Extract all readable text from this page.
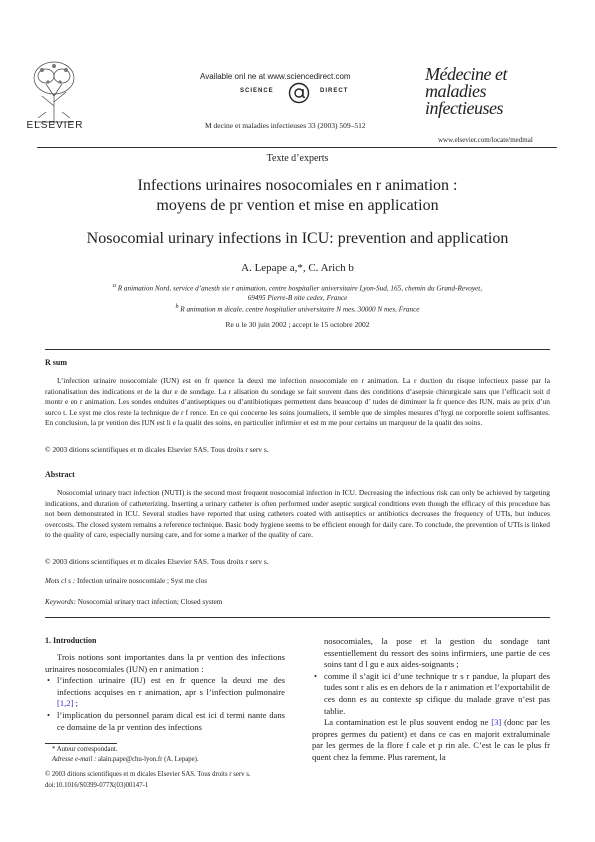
ELSEVIER
Available onl ne at www.sciencedirect.com
SCIENCE	DIRECT
M decine et maladies infectieuses 33 (2003) 509–512
Médecine et
maladies infectieuses
www.elsevier.com/locate/medmal
Texte d’experts
Infections urinaires nosocomiales en r animation :
moyens de pr vention et mise en application
Nosocomial urinary infections in ICU: prevention and application
A. Lepape a,*, C. Arich b
$^a$ R animation Nord, service d’anesth sie r animation, centre hospitalier universitaire Lyon-Sud, 165, chemin du Grand-Revoyet,
69495 Pierre-B nite cedex, France
$^b$ R animation m dicale, centre hospitalier universitaire N mes, 30000 N mes, France
Re u le 30 juin 2002 ; accept le 15 octobre 2002
R sum
L’infection urinaire nosocomiale (IUN) est en fr quence la deuxi me infection nosocomiale en r animation. La r duction du risque infectieux passe par la rationalisation des indications et de la dur e de sondage. La r alisation du sondage se fait souvent dans des conditions d’asepsie chirurgicale sans que l’efficacit soit d montr e en r animation. Les sondes enduites d’antiseptiques ou d’antibiotiques permettent dans beaucoup d’ tudes de diminuer la fr quence des IUN, mais au prix d’un surco t. Le syst me clos reste la technique de r f rence. En ce qui concerne les soins journaliers, il semble que de simples mesures d’hygi ne corporelle soient suffisantes. En conclusion, la pr vention des IUN est li e la qualit des soins, en particulier infirmier et est m me pour certains un marqueur de la qualit des soins.
© 2003 ditions scientifiques et m dicales Elsevier SAS. Tous droits r serv s.
Abstract
Nosocomial urinary tract infection (NUTI) is the second most frequent nosocomial infection in ICU. Decreasing the infectious risk can only be achieved by targeting indications, and duration of catheterizing. Inserting a urinary catheter is often performed under aseptic surgical conditions even though the efficacy of this procedure has not been demonstrated in ICU. Several studies have reported that using catheters coated with antiseptics or antibiotics decreases the frequency of UTIs, but induces overcosts. The closed system remains a reference technique. Basic body hygiene seems to be efficient enough for daily care. To conclude, the prevention of UTIs is linked to the quality of care, especially nursing care, and for some a marker of the quality of care.
© 2003 ditions scientifiques et m dicales Elsevier SAS. Tous droits r serv s.
Mots cl s : Infection urinaire nosocomiale ; Syst me clos
Keywords: Nosocomial urinary tract infection; Closed system
1. Introduction
Trois notions sont importantes dans la pr vention des infections urinaires nosocomiales (IUN) en r animation :
• l’infection urinaire (IU) est en fr quence la deuxi me des infections acquises en r animation, apr s l’infection pulmonaire [1,2] ;
• l’implication du personnel param dical est ici d termi nante dans ce domaine de la pr vention des infections
* Auteur correspondant.
Adresse e-mail : alain.pape@chu-lyon.fr (A. Lepape).
© 2003 ditions scientifiques et m dicales Elsevier SAS. Tous droits r serv s.
doi:10.1016/S0399-077X(03)00147-1
nosocomiales, la pose et la gestion du sondage tant essentiellement du ressort des soins infirmiers, une partie de ces soins tant d l gu e aux aides-soignants ;
• comme il s’agit ici d’une technique tr s r pandue, la plupart des tudes sont r alis es en dehors de la r animation et l’exportabilit de ces donn es au contexte sp cifique du malade grave n’est pas tablie.
La contamination est le plus souvent endog ne [3] (donc par les propres germes du patient) et dans ce cas en majorit extraluminale par les germes de la flore f cale et p rin ale. C’est le cas le plus fr quent chez la femme. Plus rarement, la
